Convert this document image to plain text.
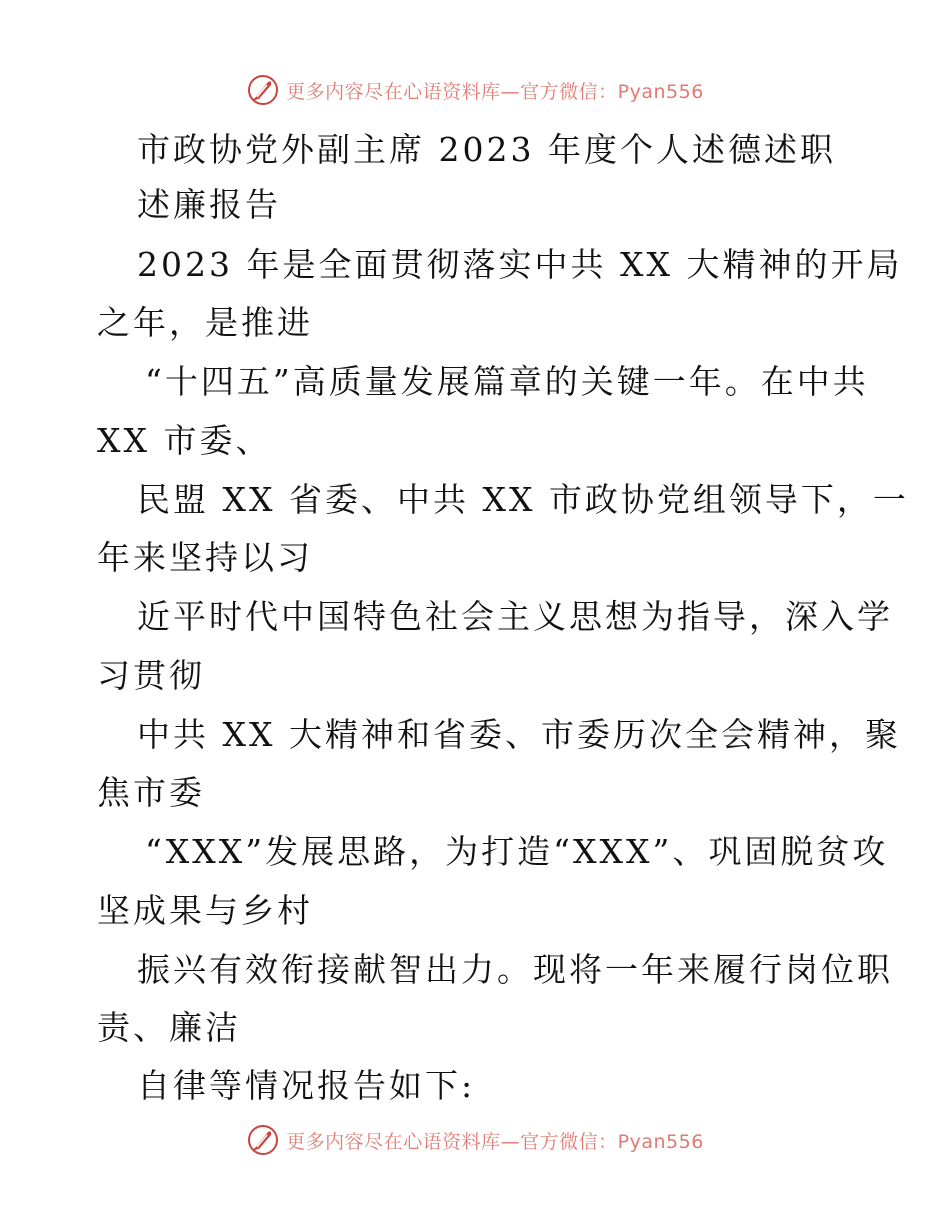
更多内容尽在心语资料库—官方微信：Pyan556
市政协党外副主席 2023 年度个人述德述职
述廉报告
2023 年是全面贯彻落实中共 XX 大精神的开局
之年，是推进
“十四五”高质量发展篇章的关键一年。在中共
XX 市委、
民盟 XX 省委、中共 XX 市政协党组领导下，一
年来坚持以习
近平时代中国特色社会主义思想为指导，深入学
习贯彻
中共 XX 大精神和省委、市委历次全会精神，聚
焦市委
“XXX”发展思路，为打造“XXX”、巩固脱贫攻
坚成果与乡村
振兴有效衔接献智出力。现将一年来履行岗位职
责、廉洁
自律等情况报告如下:
更多内容尽在心语资料库—官方微信：Pyan556
